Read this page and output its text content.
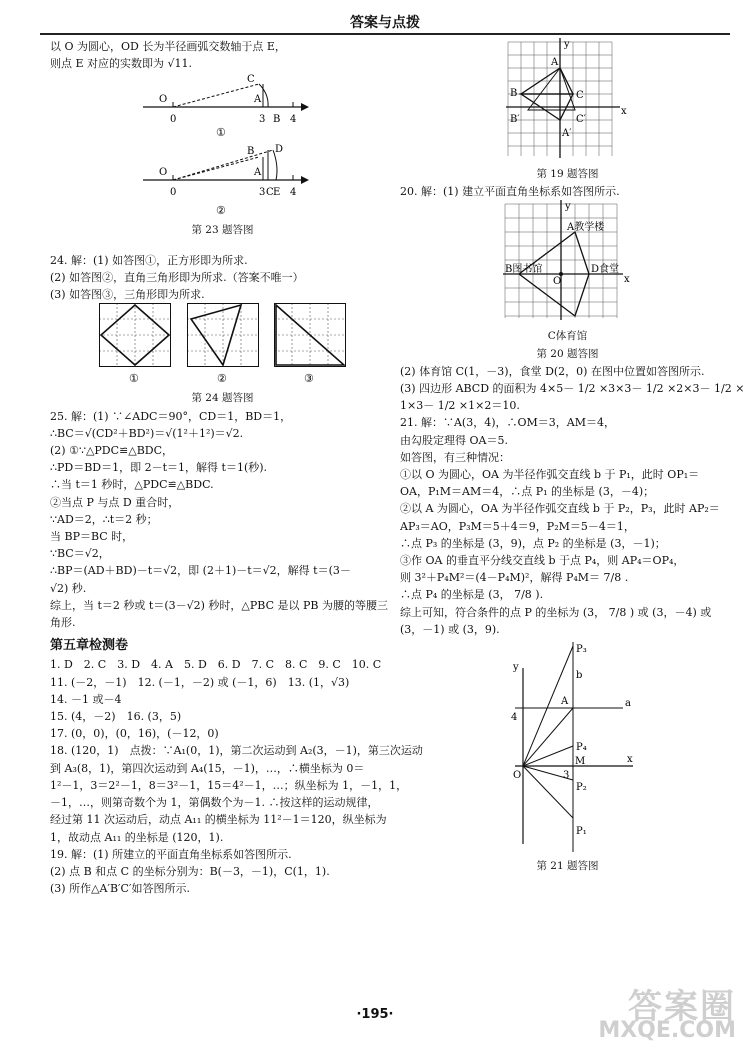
答案与点拨

以 O 为圆心，OD 长为半径画弧交数轴于点 E，

则点 E 对应的实数即为 √11.

O
C
A
B
0	3 4
①
O
B D
A
0	3 C E 4
②

第 23 题答图

24. 解：(1) 如答图①，正方形即为所求.

(2) 如答图②，直角三角形即为所求.（答案不唯一）

(3) 如答图③，三角形即为所求.

①
	②
	③

第 24 题答图

25. 解：(1) ∵∠ADC＝90°，CD＝1，BD＝1，

∴BC＝√(CD²＋BD²)＝√(1²＋1²)＝√2.

(2) ①∵△PDC≌△BDC，

∴PD＝BD＝1，即 2－t＝1，解得 t＝1(秒).

∴当 t＝1 秒时，△PDC≌△BDC.

②当点 P 与点 D 重合时，

∵AD＝2，∴t＝2 秒；

当 BP＝BC 时，

∵BC＝√2，

∴BP＝(AD＋BD)－t＝√2，即 (2＋1)－t＝√2，解得 t＝(3－

√2) 秒.

综上，当 t＝2 秒或 t＝(3－√2) 秒时，△PBC 是以 PB 为腰的等腰三

角形.

第五章检测卷

1. D　2. C　3. D　4. A　5. D　6. D　7. C　8. C　9. C　10. C

11. (－2，－1)　12. (－1，－2) 或 (－1，6)　13. (1，√3)

14. －1 或－4

15. (4，－2)　16. (3，5)

17. (0，0)，(0，16)，(－12，0)

18. (120，1)　点拨：∵A₁(0，1)，第二次运动到 A₂(3，－1)，第三次运动

到 A₃(8，1)，第四次运动到 A₄(15，－1)，…，∴横坐标为 0＝

1²－1，3＝2²－1，8＝3²－1，15＝4²－1，…；纵坐标为 1，－1，1，

－1，…，则第奇数个为 1，第偶数个为－1. ∴按这样的运动规律，

经过第 11 次运动后，动点 A₁₁ 的横坐标为 11²－1＝120，纵坐标为

1，故动点 A₁₁ 的坐标是 (120，1).

19. 解：(1) 所建立的平面直角坐标系如答图所示.

(2) 点 B 和点 C 的坐标分别为：B(－3，－1)，C(1，1).

(3) 所作△A′B′C′如答图所示.

y
x
A
B	C
B′	C′
A′

第 19 题答图

20. 解：(1) 建立平面直角坐标系如答图所示.

y
x
A教学楼
B图书馆	D食堂
O

C体育馆

第 20 题答图

(2) 体育馆 C(1，－3)，食堂 D(2，0) 在图中位置如答图所示.

(3) 四边形 ABCD 的面积为 4×5－ 1/2 ×3×3－ 1/2 ×2×3－ 1/2 ×

1×3－ 1/2 ×1×2＝10.

21. 解：∵A(3，4)，∴OM＝3，AM＝4，

由勾股定理得 OA＝5.

如答图，有三种情况：

①以 O 为圆心，OA 为半径作弧交直线 b 于 P₁，此时 OP₁＝

OA，P₁M＝AM＝4，∴点 P₁ 的坐标是 (3，－4)；

②以 A 为圆心，OA 为半径作弧交直线 b 于 P₂，P₃，此时 AP₂＝

AP₃＝AO，P₃M＝5＋4＝9，P₂M＝5－4＝1，

∴点 P₃ 的坐标是 (3，9)，点 P₂ 的坐标是 (3，－1)；

③作 OA 的垂直平分线交直线 b 于点 P₄，则 AP₄＝OP₄，

则 3²＋P₄M²＝(4－P₄M)²，解得 P₄M＝ 7/8 .

∴点 P₄ 的坐标是 (3， 7/8 ).

综上可知，符合条件的点 P 的坐标为 (3， 7/8 ) 或 (3，－4) 或

(3，－1) 或 (3，9).

y
x
O
A	a
b
4
3
M
P₁
P₂
P₃
P₄

第 21 题答图

·195·	答案圈
MXQE.COM
